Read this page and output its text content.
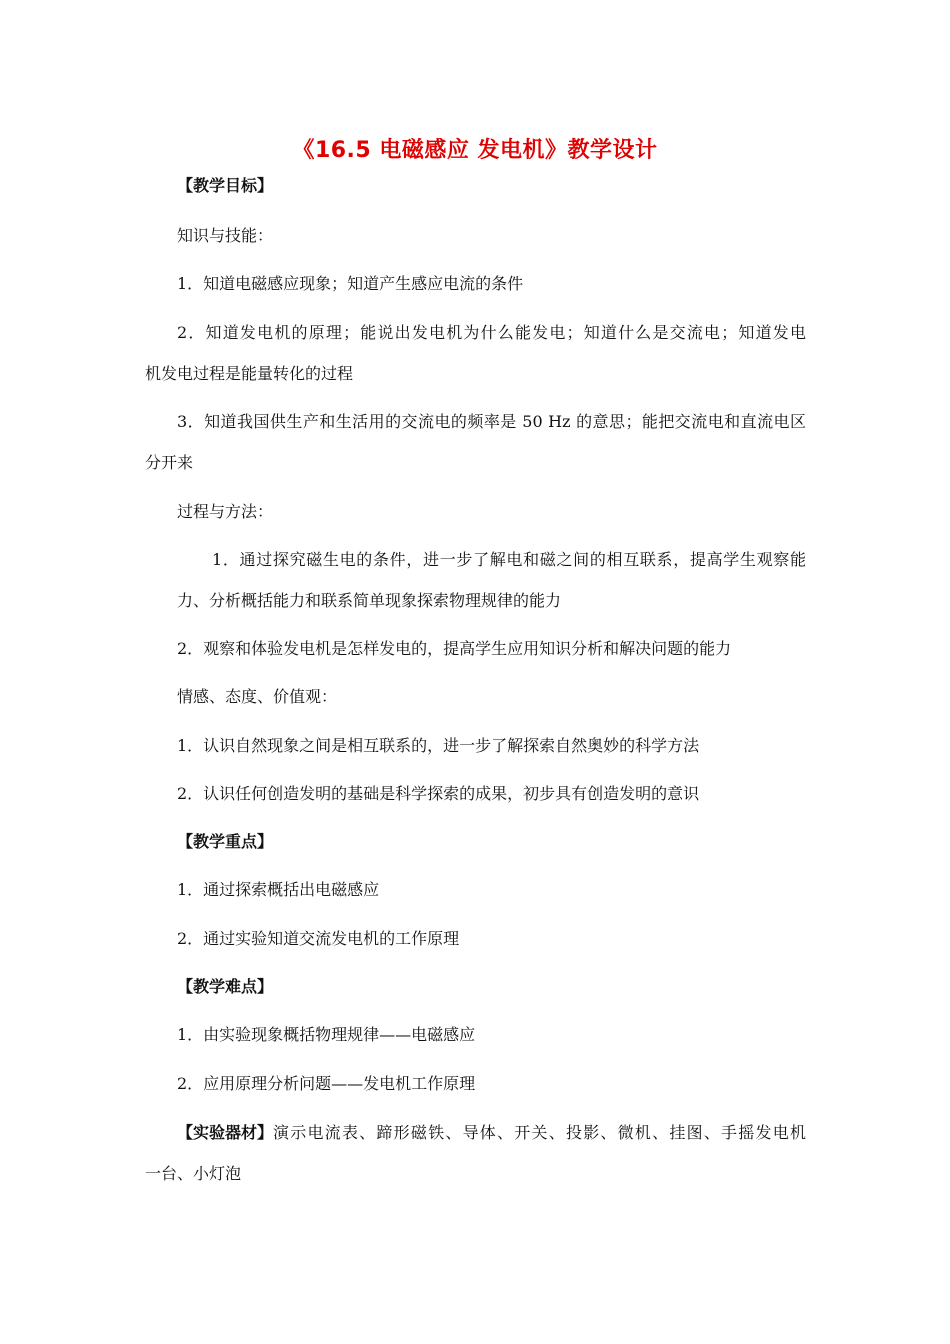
《16.5 电磁感应 发电机》教学设计

【教学目标】

知识与技能：

1．知道电磁感应现象；知道产生感应电流的条件

2．知道发电机的原理；能说出发电机为什么能发电；知道什么是交流电；知道发电

机发电过程是能量转化的过程

3．知道我国供生产和生活用的交流电的频率是 50 Hz 的意思；能把交流电和直流电区

分开来

过程与方法：

1．通过探究磁生电的条件，进一步了解电和磁之间的相互联系，提高学生观察能

力、分析概括能力和联系简单现象探索物理规律的能力

2．观察和体验发电机是怎样发电的，提高学生应用知识分析和解决问题的能力

情感、态度、价值观：

1．认识自然现象之间是相互联系的，进一步了解探索自然奥妙的科学方法

2．认识任何创造发明的基础是科学探索的成果，初步具有创造发明的意识

【教学重点】

1．通过探索概括出电磁感应

2．通过实验知道交流发电机的工作原理

【教学难点】

1．由实验现象概括物理规律——电磁感应

2．应用原理分析问题——发电机工作原理

【实验器材】 演示电流表、蹄形磁铁、导体、开关、投影、微机、挂图、手摇发电机

一台、小灯泡
